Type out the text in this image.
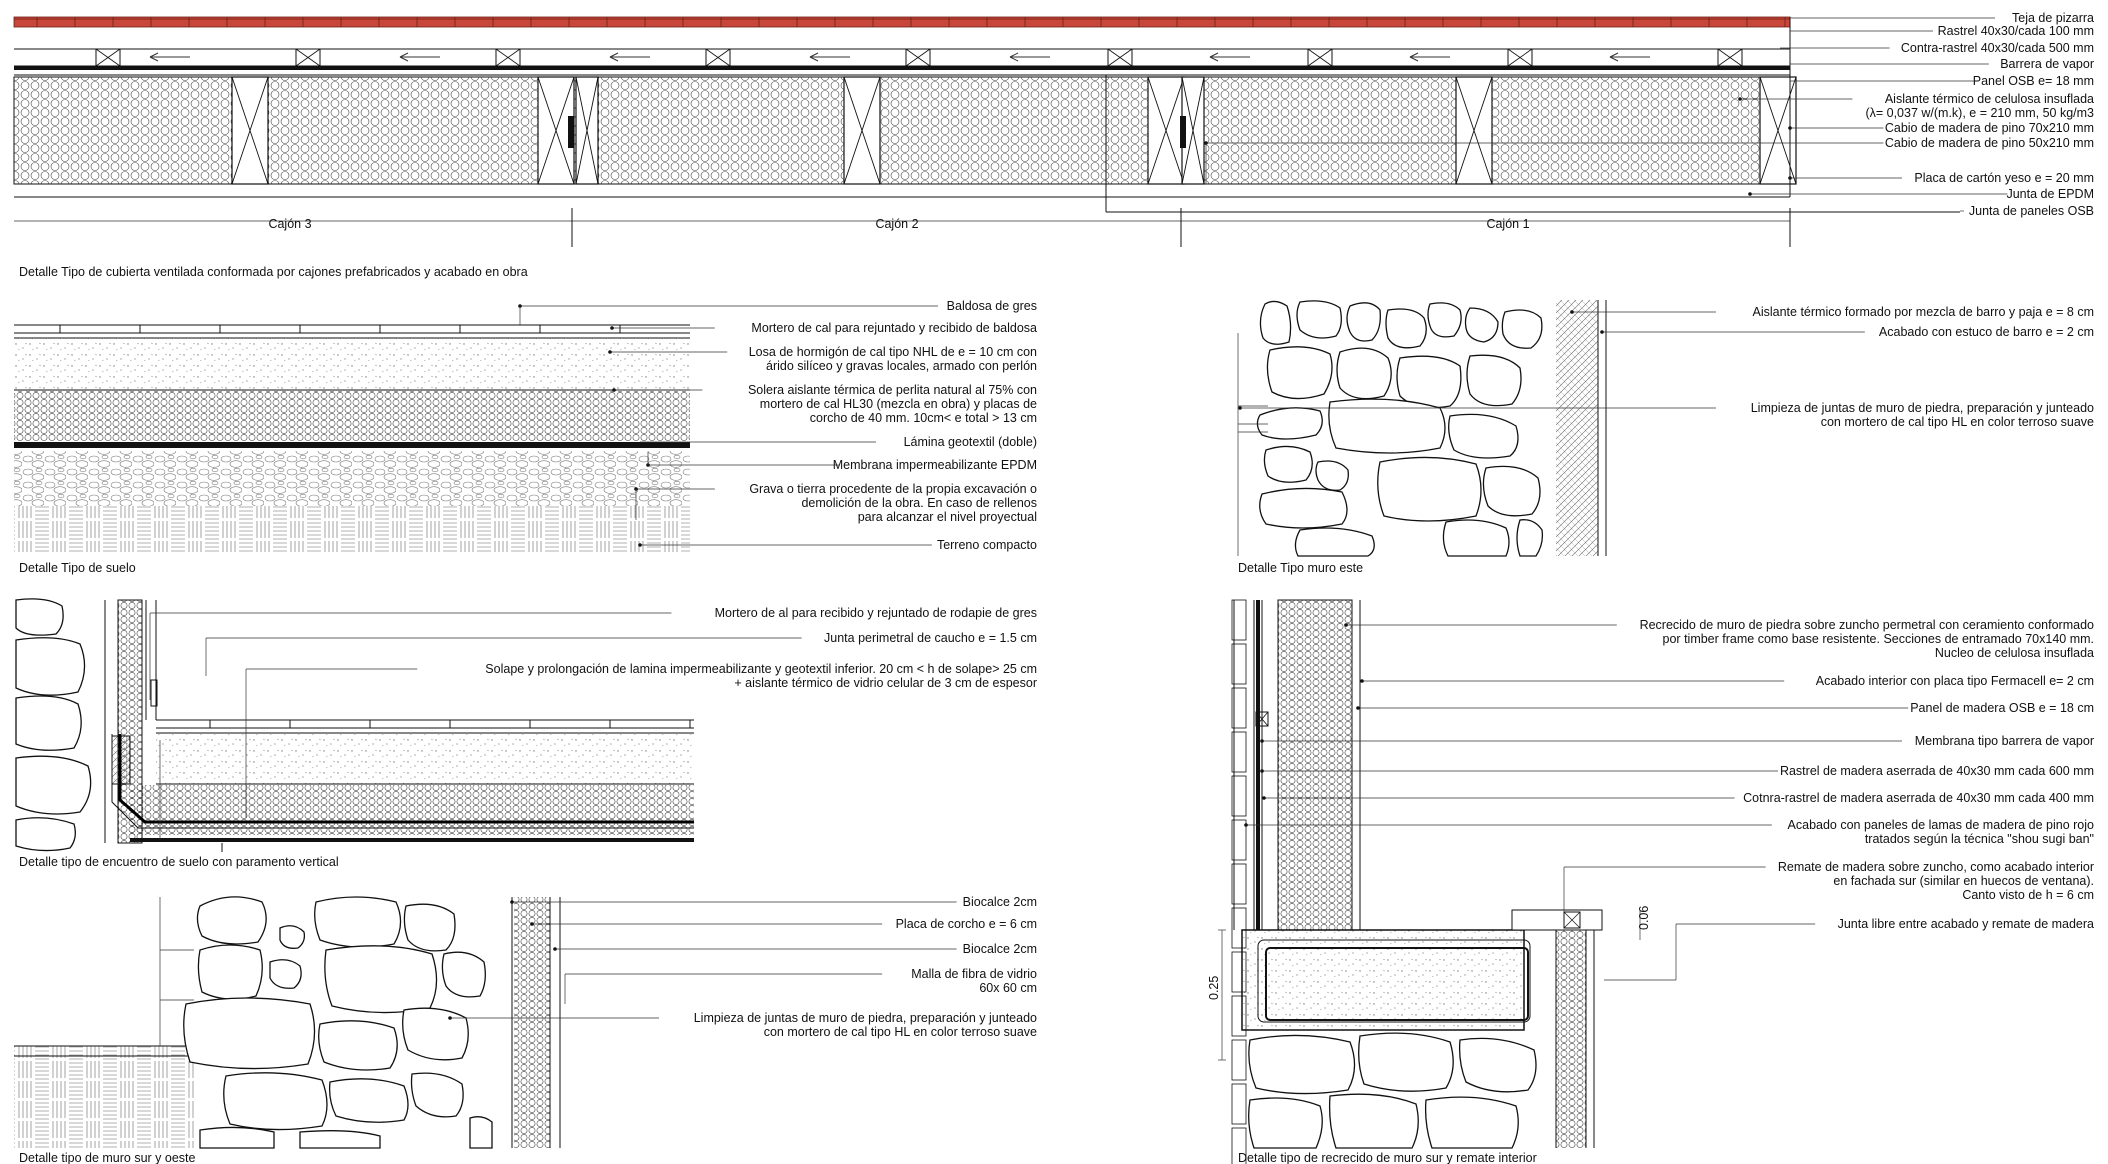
Cajón 3	Cajón 2	Cajón 1
Detalle Tipo de cubierta ventilada conformada por cajones prefabricados y acabado en obra
Teja de pizarra
Rastrel 40x30/cada 100 mm
Contra-rastrel 40x30/cada 500 mm
Barrera de vapor
Panel OSB e= 18 mm
Aislante térmico de celulosa insuflada (λ= 0,037 w/(m.k), e = 210 mm, 50 kg/m3
Cabio de madera de pino 70x210 mm
Cabio de madera de pino 50x210 mm
Placa de cartón yeso e = 20 mm
Junta de EPDM
Junta de paneles OSB
Detalle Tipo de suelo
Baldosa de gres
Mortero de cal para rejuntado y recibido de baldosa
Losa de hormigón de cal tipo NHL de e = 10 cm con árido silíceo y gravas locales, armado con perlón
Solera aislante térmica de perlita natural al 75% con mortero de cal HL30 (mezcla en obra) y placas de corcho de 40 mm. 10cm< e total > 13 cm
Lámina geotextil (doble)
Membrana impermeabilizante EPDM
Grava o tierra procedente de la propia excavación o demolición de la obra. En caso de rellenos para alcanzar el nivel proyectual
Terreno compacto
Detalle Tipo muro este
Aislante térmico formado por mezcla de barro y paja e = 8 cm
Acabado con estuco de barro e = 2 cm
Limpieza de juntas de muro de piedra, preparación y junteado con mortero de cal tipo HL en color terroso suave
Detalle tipo de encuentro de suelo con paramento vertical
Mortero de al para recibido y rejuntado de rodapie de gres
Junta perimetral de caucho e = 1.5 cm
Solape y prolongación de lamina impermeabilizante y geotextil inferior. 20 cm < h de solape> 25 cm + aislante térmico de vidrio celular de 3 cm de espesor
Detalle tipo de muro sur y oeste
Biocalce 2cm
Placa de corcho e = 6 cm
Biocalce 2cm
Malla de fibra de vidrio 60x 60 cm
Limpieza de juntas de muro de piedra, preparación y junteado con mortero de cal tipo HL en color terroso suave
0.25
0.06
Detalle tipo de recrecido de muro sur y remate interior
Recrecido de muro de piedra sobre zuncho permetral con ceramiento conformado por timber frame como base resistente. Secciones de entramado 70x140 mm. Nucleo de celulosa insuflada
Acabado interior con placa tipo Fermacell e= 2 cm
Panel de madera OSB e = 18 cm
Membrana tipo barrera de vapor
Rastrel de madera aserrada de 40x30 mm cada 600 mm
Cotnra-rastrel de madera aserrada de 40x30 mm cada 400 mm
Acabado con paneles de lamas de madera de pino rojo tratados según la técnica "shou sugi ban"
Remate de madera sobre zuncho, como acabado interior en fachada sur (similar en huecos de ventana). Canto visto de h = 6 cm
Junta libre entre acabado y remate de madera
